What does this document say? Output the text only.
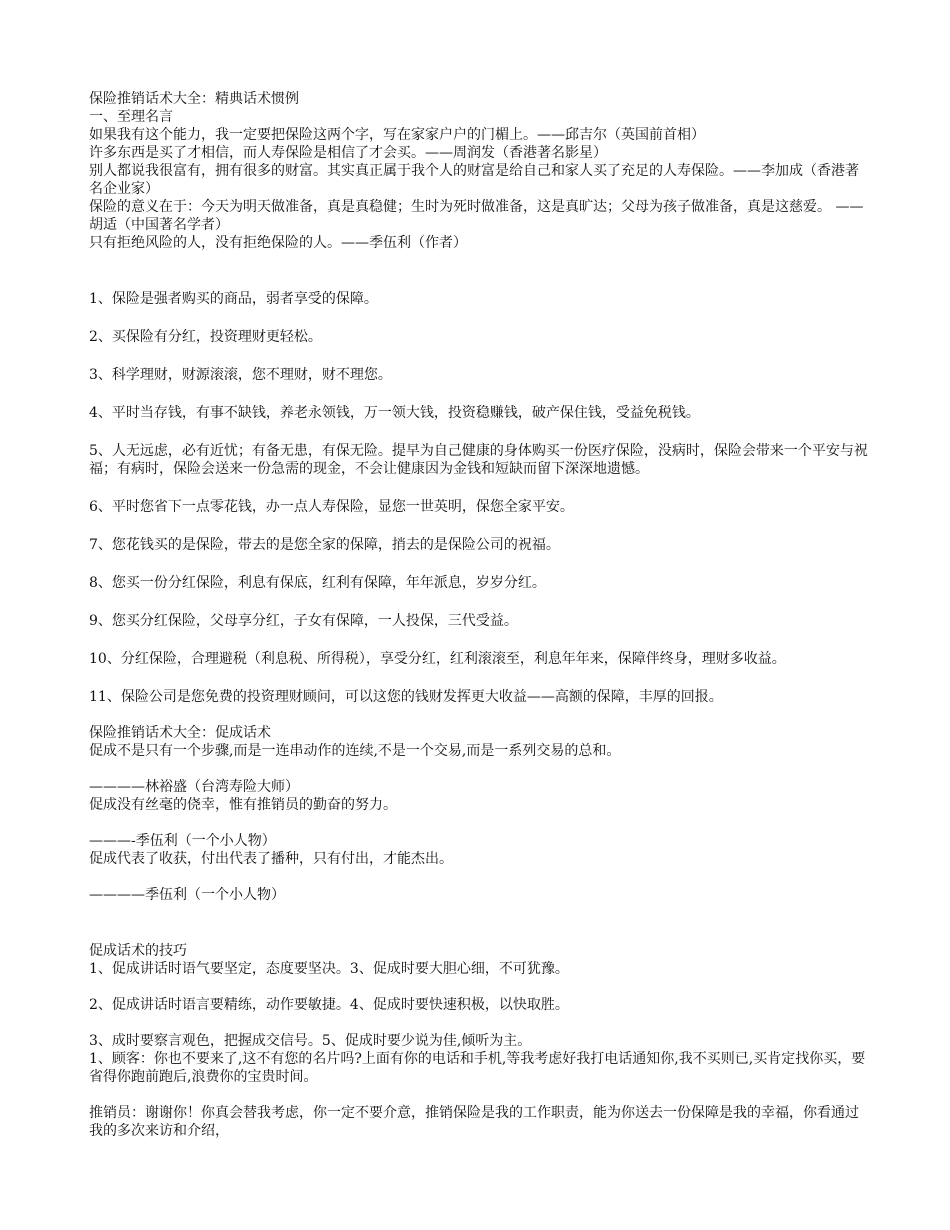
保险推销话术大全：精典话术惯例
一、至理名言
如果我有这个能力，我一定要把保险这两个字，写在家家户户的门楣上。——邱吉尔（英国前首相）
许多东西是买了才相信，而人寿保险是相信了才会买。——周润发（香港著名影星）
别人都说我很富有，拥有很多的财富。其实真正属于我个人的财富是给自己和家人买了充足的人寿保险。——李加成（香港著名企业家）
保险的意义在于：今天为明天做准备，真是真稳健；生时为死时做准备，这是真旷达；父母为孩子做准备，真是这慈爱。 ——胡适（中国著名学者）
只有拒绝风险的人，没有拒绝保险的人。——季伍利（作者）
1、保险是强者购买的商品，弱者享受的保障。
2、买保险有分红，投资理财更轻松。
3、科学理财，财源滚滚，您不理财，财不理您。
4、平时当存钱，有事不缺钱，养老永领钱，万一领大钱，投资稳赚钱，破产保住钱，受益免税钱。
5、人无远虑，必有近忧；有备无患，有保无险。提早为自己健康的身体购买一份医疗保险，没病时，保险会带来一个平安与祝福；有病时，保险会送来一份急需的现金，不会让健康因为金钱和短缺而留下深深地遗憾。
6、平时您省下一点零花钱，办一点人寿保险，显您一世英明，保您全家平安。
7、您花钱买的是保险，带去的是您全家的保障，捎去的是保险公司的祝福。
8、您买一份分红保险，利息有保底，红利有保障，年年派息，岁岁分红。
9、您买分红保险，父母享分红，子女有保障，一人投保，三代受益。
10、分红保险，合理避税（利息税、所得税），享受分红，红利滚滚至，利息年年来，保障伴终身，理财多收益。
11、保险公司是您免费的投资理财顾问，可以这您的钱财发挥更大收益——高额的保障，丰厚的回报。
保险推销话术大全：促成话术
促成不是只有一个步骤,而是一连串动作的连续,不是一个交易,而是一系列交易的总和。
————林裕盛（台湾寿险大师）
促成没有丝毫的侥幸，惟有推销员的勤奋的努力。
———-季伍利（一个小人物）
促成代表了收获，付出代表了播种，只有付出，才能杰出。
————季伍利（一个小人物）
促成话术的技巧
1、促成讲话时语气要坚定，态度要坚决。3、促成时要大胆心细，不可犹豫。
2、促成讲话时语言要精练，动作要敏捷。4、促成时要快速积极，以快取胜。
3、成时要察言观色，把握成交信号。5、促成时要少说为佳,倾听为主。
1、顾客：你也不要来了,这不有您的名片吗?上面有你的电话和手机,等我考虑好我打电话通知你,我不买则已,买肯定找你买，要省得你跑前跑后,浪费你的宝贵时间。
推销员：谢谢你！你真会替我考虑，你一定不要介意，推销保险是我的工作职责，能为你送去一份保障是我的幸福，你看通过我的多次来访和介绍，
